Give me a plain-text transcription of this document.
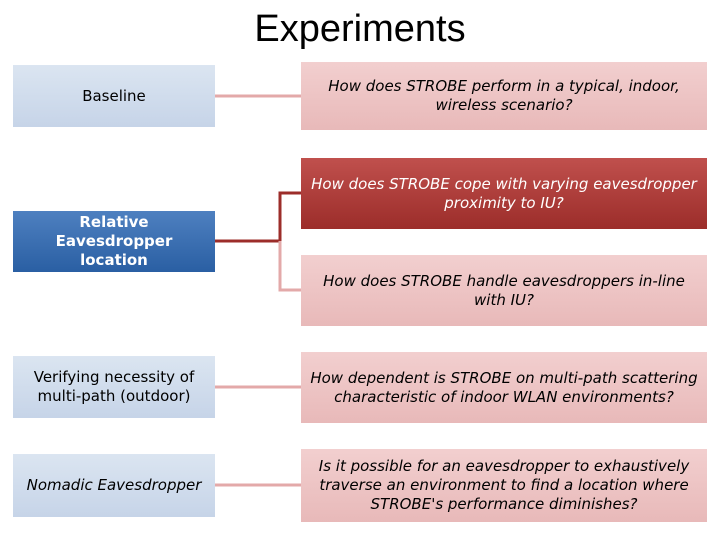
Experiments
Baseline
Relative Eavesdropper location
Verifying necessity of multi-path (outdoor)
Nomadic Eavesdropper
How does STROBE perform in a typical, indoor, wireless scenario?
How does STROBE cope with varying eavesdropper proximity to IU?
How does STROBE handle eavesdroppers in-line with IU?
How dependent is STROBE on multi-path scattering characteristic of indoor WLAN environments?
Is it possible for an eavesdropper to exhaustively traverse an environment to find a location where STROBE's performance diminishes?
